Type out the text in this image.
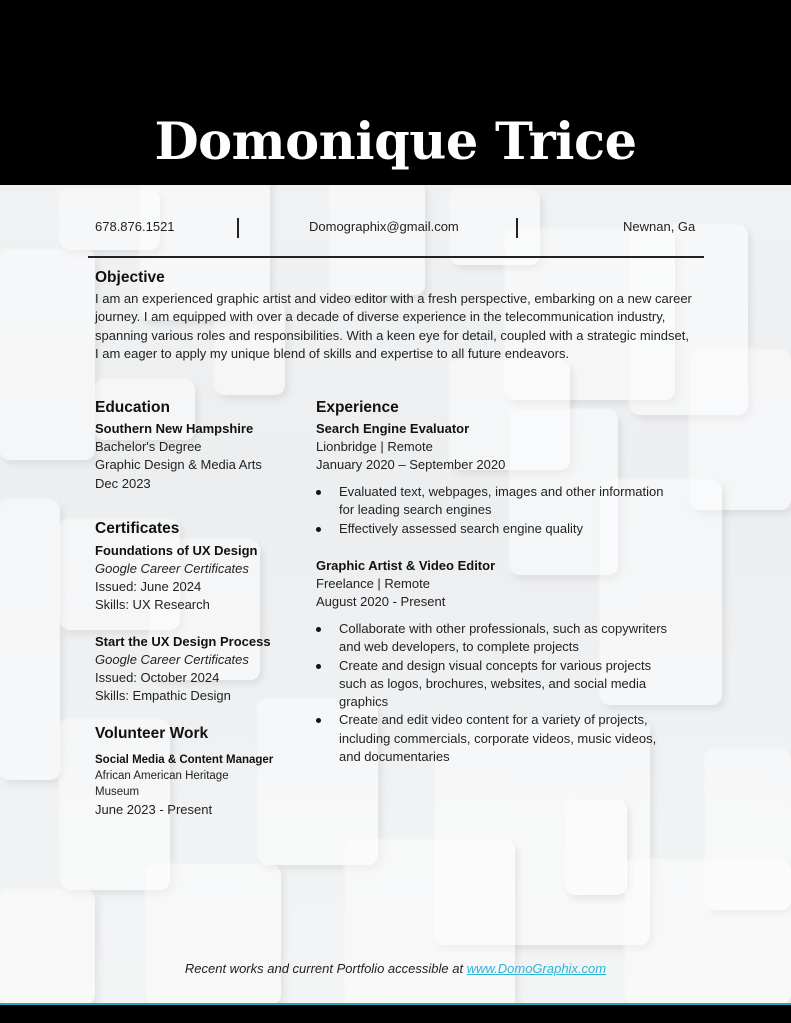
Domonique Trice
678.876.1521	Domographix@gmail.com	Newnan, Ga
Objective
I am an experienced graphic artist and video editor with a fresh perspective, embarking on a new career journey. I am equipped with over a decade of diverse experience in the telecommunication industry, spanning various roles and responsibilities. With a keen eye for detail, coupled with a strategic mindset, I am eager to apply my unique blend of skills and expertise to all future endeavors.
Education
Southern New Hampshire
Bachelor's Degree
Graphic Design & Media Arts
Dec 2023
Certificates
Foundations of UX Design
Google Career Certificates
Issued: June 2024
Skills: UX Research
Start the UX Design Process
Google Career Certificates
Issued: October 2024
Skills: Empathic Design
Volunteer Work
Social Media & Content Manager
African American Heritage
Museum
June 2023 - Present
Experience
Search Engine Evaluator
Lionbridge | Remote
January 2020 – September 2020
Evaluated text, webpages, images and other information for leading search engines
Effectively assessed search engine quality
Graphic Artist & Video Editor
Freelance | Remote
August 2020 - Present
Collaborate with other professionals, such as copywriters and web developers, to complete projects
Create and design visual concepts for various projects such as logos, brochures, websites, and social media graphics
Create and edit video content for a variety of projects, including commercials, corporate videos, music videos, and documentaries
Recent works and current Portfolio accessible at www.DomoGraphix.com
